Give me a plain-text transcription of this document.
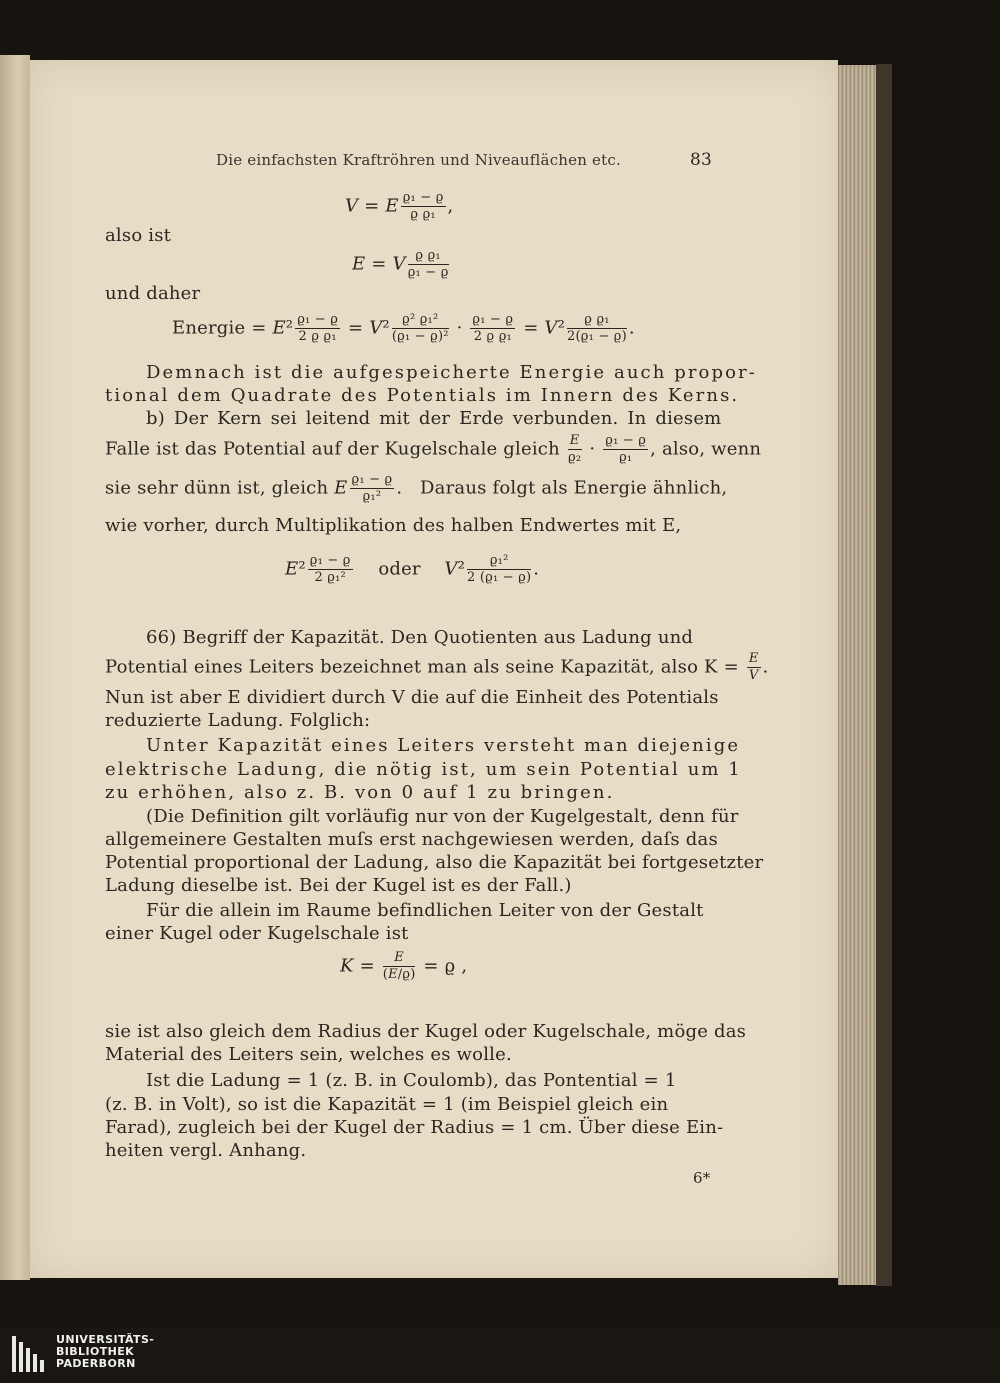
Die einfachsten Kraftröhren und Niveauflächen etc.	83
V = E $\frac{\text{ϱ₁ − ϱ}}{\text{ϱ ϱ₁}}$ ,
also ist
E = V $\frac{\text{ϱ ϱ₁}}{\text{ϱ₁ − ϱ}}$
und daher
Energie = $E^2 \frac{\text{ϱ₁ − ϱ}}{\text{2 ϱ ϱ₁}} = V^2 \frac{\text{ϱ² ϱ₁²}}{\text{(ϱ₁ − ϱ)²}} \cdot \frac{\text{ϱ₁ − ϱ}}{\text{2 ϱ ϱ₁}} = V^2 \frac{\text{ϱ ϱ₁}}{\text{2(ϱ₁ − ϱ)}}$ .
Demnach ist die aufgespeicherte Energie auch propor-
tional dem Quadrate des Potentials im Innern des Kerns.
b) Der Kern sei leitend mit der Erde verbunden. In diesem
Falle ist das Potential auf der Kugelschale gleich $\frac{E}{\text{ϱ₂}} \cdot \frac{\text{ϱ₁ − ϱ}}{\text{ϱ₁}}$ , also, wenn
sie sehr dünn ist, gleich E $\frac{\text{ϱ₁ − ϱ}}{\text{ϱ₁²}}$ .   Daraus folgt als Energie ähnlich,
wie vorher, durch Multiplikation des halben Endwertes mit E,
$E^2 \frac{\text{ϱ₁ − ϱ}}{\text{2 ϱ₁²}}$ oder $V^2 \frac{\text{ϱ₁²}}{\text{2 (ϱ₁ − ϱ)}}$ .
66) Begriff der Kapazität. Den Quotienten aus Ladung und
Potential eines Leiters bezeichnet man als seine Kapazität, also $K = \frac{E}{V}$ .
Nun ist aber E dividiert durch V die auf die Einheit des Potentials
reduzierte Ladung. Folglich:
Unter Kapazität eines Leiters versteht man diejenige
elektrische Ladung, die nötig ist, um sein Potential um 1
zu erhöhen, also z. B. von 0 auf 1 zu bringen.
(Die Definition gilt vorläufig nur von der Kugelgestalt, denn für
allgemeinere Gestalten muſs erst nachgewiesen werden, daſs das
Potential proportional der Ladung, also die Kapazität bei fortgesetzter
Ladung dieselbe ist. Bei der Kugel ist es der Fall.)
Für die allein im Raume befindlichen Leiter von der Gestalt
einer Kugel oder Kugelschale ist
$K = \frac{E}{(E/ϱ)} = ϱ$ ,
sie ist also gleich dem Radius der Kugel oder Kugelschale, möge das
Material des Leiters sein, welches es wolle.
Ist die Ladung = 1 (z. B. in Coulomb), das Pontential = 1
(z. B. in Volt), so ist die Kapazität = 1 (im Beispiel gleich ein
Farad), zugleich bei der Kugel der Radius = 1 cm. Über diese Ein-
heiten vergl. Anhang.
6*
UNIVERSITÄTS-
BIBLIOTHEK
PADERBORN
